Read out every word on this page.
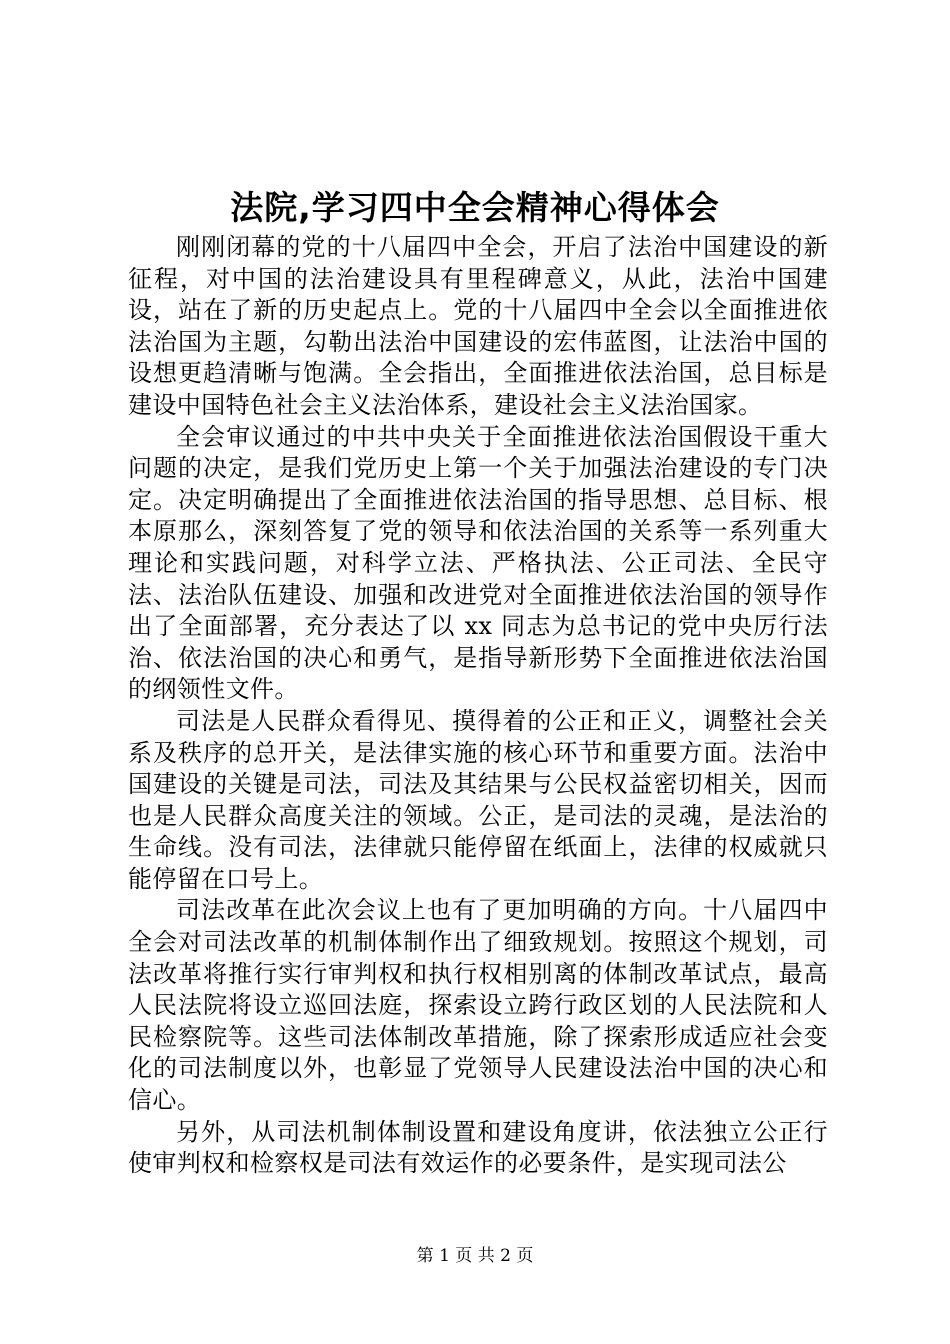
法院,学习四中全会精神心得体会

刚刚闭幕的党的十八届四中全会，开启了法治中国建设的新征程，对中国的法治建设具有里程碑意义，从此，法治中国建设，站在了新的历史起点上。党的十八届四中全会以全面推进依法治国为主题，勾勒出法治中国建设的宏伟蓝图，让法治中国的设想更趋清晰与饱满。全会指出，全面推进依法治国，总目标是建设中国特色社会主义法治体系，建设社会主义法治国家。

全会审议通过的中共中央关于全面推进依法治国假设干重大问题的决定，是我们党历史上第一个关于加强法治建设的专门决定。决定明确提出了全面推进依法治国的指导思想、总目标、根本原那么，深刻答复了党的领导和依法治国的关系等一系列重大理论和实践问题，对科学立法、严格执法、公正司法、全民守法、法治队伍建设、加强和改进党对全面推进依法治国的领导作出了全面部署，充分表达了以 xx 同志为总书记的党中央厉行法治、依法治国的决心和勇气，是指导新形势下全面推进依法治国的纲领性文件。

司法是人民群众看得见、摸得着的公正和正义，调整社会关系及秩序的总开关，是法律实施的核心环节和重要方面。法治中国建设的关键是司法，司法及其结果与公民权益密切相关，因而也是人民群众高度关注的领域。公正，是司法的灵魂，是法治的生命线。没有司法，法律就只能停留在纸面上，法律的权威就只能停留在口号上。

司法改革在此次会议上也有了更加明确的方向。十八届四中全会对司法改革的机制体制作出了细致规划。按照这个规划，司法改革将推行实行审判权和执行权相别离的体制改革试点，最高人民法院将设立巡回法庭，探索设立跨行政区划的人民法院和人民检察院等。这些司法体制改革措施，除了探索形成适应社会变化的司法制度以外，也彰显了党领导人民建设法治中国的决心和信心。

另外，从司法机制体制设置和建设角度讲，依法独立公正行使审判权和检察权是司法有效运作的必要条件，是实现司法公

第 1 页 共 2 页
